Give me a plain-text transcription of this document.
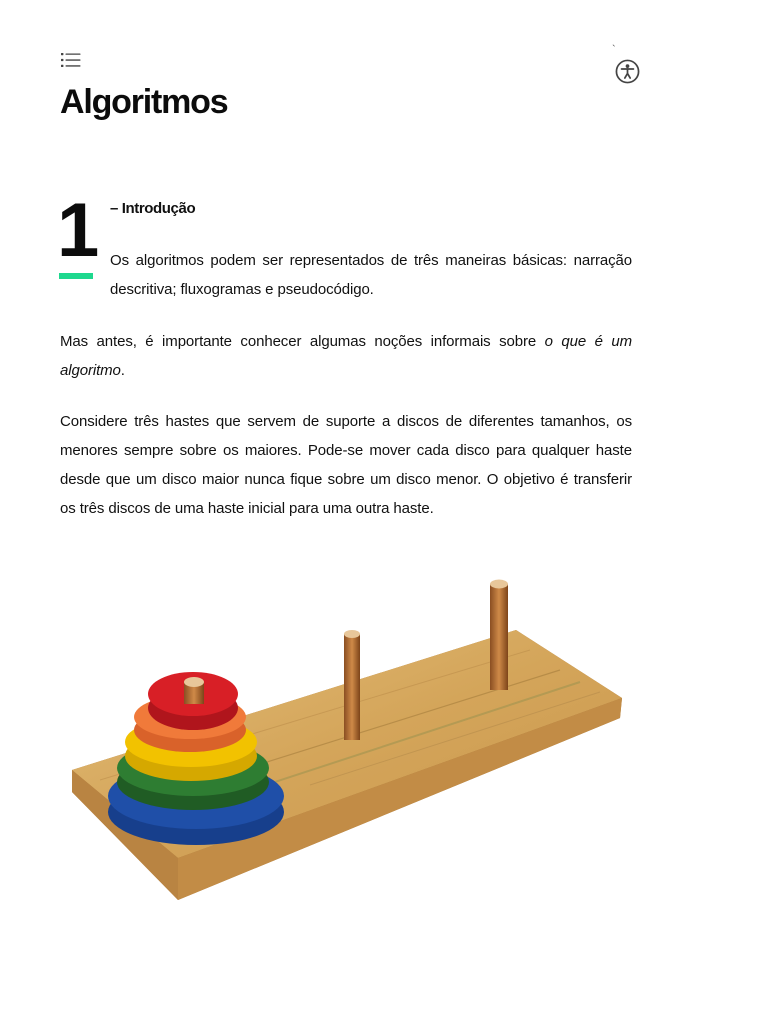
`
Algoritmos
1 – Introdução

Os algoritmos podem ser representados de três maneiras básicas: narração descritiva; fluxogramas e pseudocódigo.

Mas antes, é importante conhecer algumas noções informais sobre o que é um algoritmo.

Considere três hastes que servem de suporte a discos de diferentes tamanhos, os menores sempre sobre os maiores. Pode-se mover cada disco para qualquer haste desde que um disco maior nunca fique sobre um disco menor. O objetivo é transferir os três discos de uma haste inicial para uma outra haste.
